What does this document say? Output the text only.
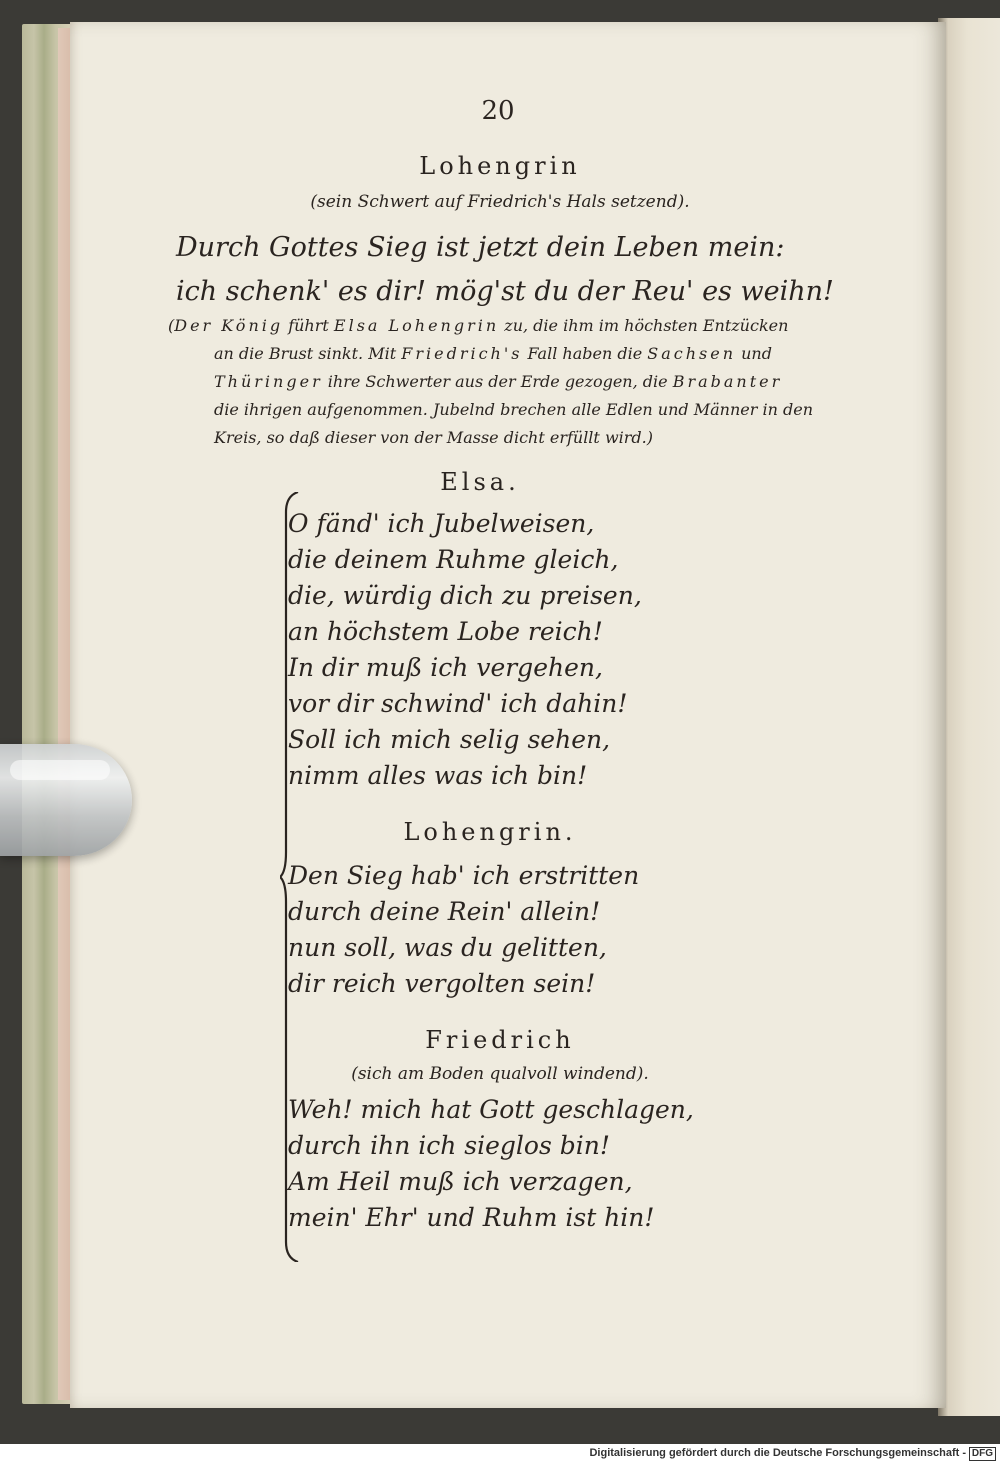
20
Lohengrin
(sein Schwert auf Friedrich's Hals setzend).
Durch Gottes Sieg ist jetzt dein Leben mein:
ich schenk' es dir! mög'st du der Reu' es weihn!
(Der König führt Elsa Lohengrin zu, die ihm im höchsten Entzücken
an die Brust sinkt. Mit Friedrich's Fall haben die Sachsen und
Thüringer ihre Schwerter aus der Erde gezogen, die Brabanter
die ihrigen aufgenommen. Jubelnd brechen alle Edlen und Männer in den
Kreis, so daß dieser von der Masse dicht erfüllt wird.)
Elsa.
O fänd' ich Jubelweisen,
die deinem Ruhme gleich,
die, würdig dich zu preisen,
an höchstem Lobe reich!
In dir muß ich vergehen,
vor dir schwind' ich dahin!
Soll ich mich selig sehen,
nimm alles was ich bin!
Lohengrin.
Den Sieg hab' ich erstritten
durch deine Rein' allein!
nun soll, was du gelitten,
dir reich vergolten sein!
Friedrich
(sich am Boden qualvoll windend).
Weh! mich hat Gott geschlagen,
durch ihn ich sieglos bin!
Am Heil muß ich verzagen,
mein' Ehr' und Ruhm ist hin!
Digitalisierung gefördert durch die Deutsche Forschungsgemeinschaft - DFG
